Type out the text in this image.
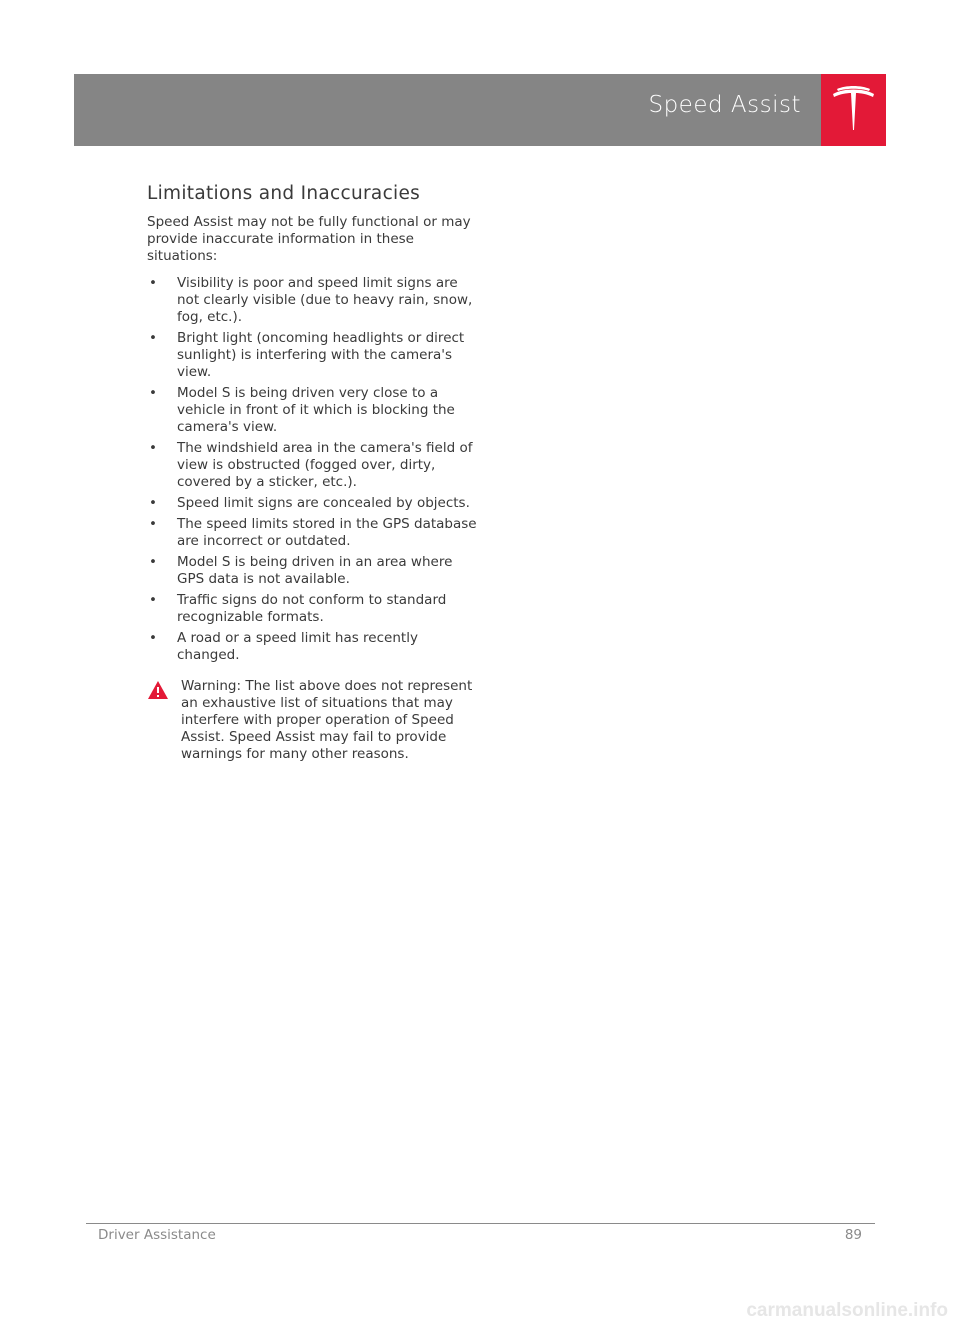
Speed Assist
Limitations and Inaccuracies

Speed Assist may not be fully functional or may provide inaccurate information in these situations:

• Visibility is poor and speed limit signs are not clearly visible (due to heavy rain, snow, fog, etc.).
• Bright light (oncoming headlights or direct sunlight) is interfering with the camera's view.
• Model S is being driven very close to a vehicle in front of it which is blocking the camera's view.
• The windshield area in the camera's field of view is obstructed (fogged over, dirty, covered by a sticker, etc.).
• Speed limit signs are concealed by objects.
• The speed limits stored in the GPS database are incorrect or outdated.
• Model S is being driven in an area where GPS data is not available.
• Traffic signs do not conform to standard recognizable formats.
• A road or a speed limit has recently changed.
Warning: The list above does not represent an exhaustive list of situations that may interfere with proper operation of Speed Assist. Speed Assist may fail to provide warnings for many other reasons.
Driver Assistance	89
carmanualsonline.info
